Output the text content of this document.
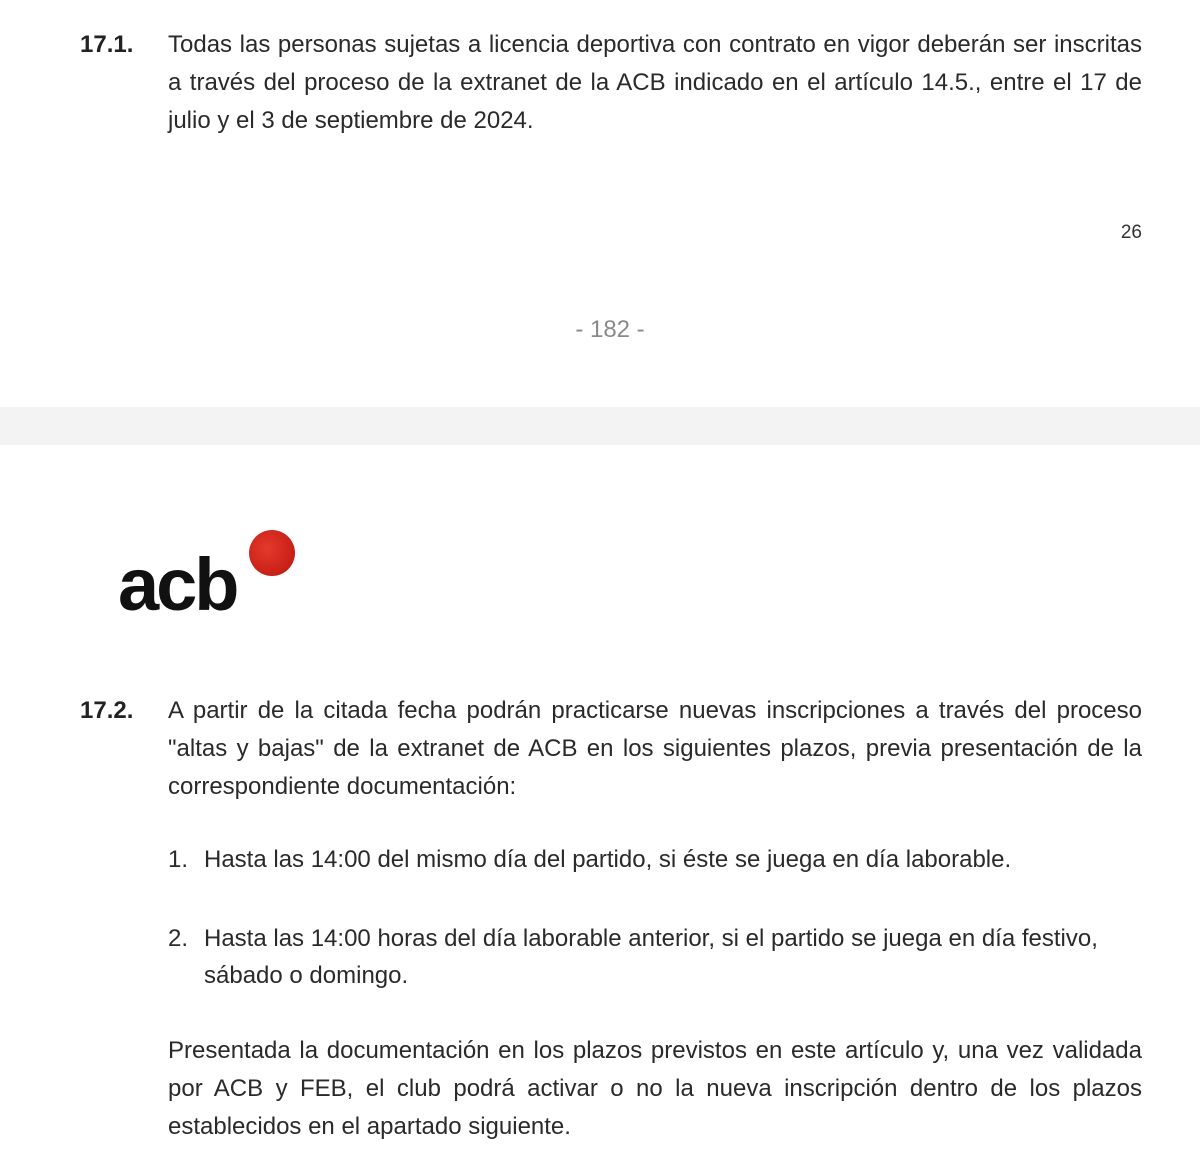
17.1. Todas las personas sujetas a licencia deportiva con contrato en vigor deberán ser inscritas a través del proceso de la extranet de la ACB indicado en el artículo 14.5., entre el 17 de julio y el 3 de septiembre de 2024.
26
- 182 -
acb
17.2. A partir de la citada fecha podrán practicarse nuevas inscripciones a través del proceso "altas y bajas" de la extranet de ACB en los siguientes plazos, previa presentación de la correspondiente documentación:
1. Hasta las 14:00 del mismo día del partido, si éste se juega en día laborable.
2. Hasta las 14:00 horas del día laborable anterior, si el partido se juega en día festivo, sábado o domingo.
Presentada la documentación en los plazos previstos en este artículo y, una vez validada por ACB y FEB, el club podrá activar o no la nueva inscripción dentro de los plazos establecidos en el apartado siguiente.
